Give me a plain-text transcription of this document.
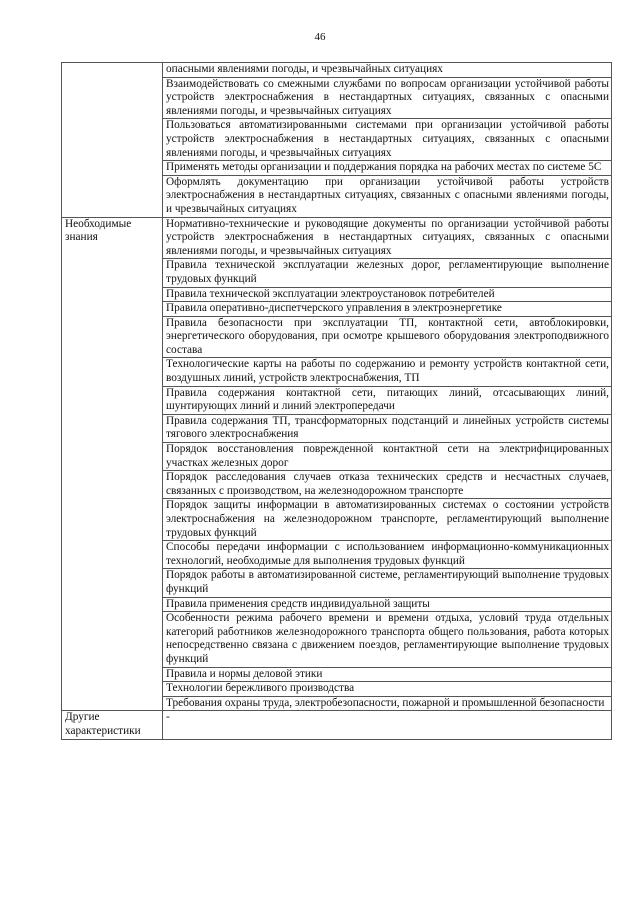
46
	опасными явлениями погоды, и чрезвычайных ситуациях
	Взаимодействовать со смежными службами по вопросам организации устойчивой работы устройств электроснабжения в нестандартных ситуациях, связанных с опасными явлениями погоды, и чрезвычайных ситуациях
	Пользоваться автоматизированными системами при организации устойчивой работы устройств электроснабжения в нестандартных ситуациях, связанных с опасными явлениями погоды, и чрезвычайных ситуациях
	Применять методы организации и поддержания порядка на рабочих местах по системе 5С
	Оформлять документацию при организации устойчивой работы устройств электроснабжения в нестандартных ситуациях, связанных с опасными явлениями погоды, и чрезвычайных ситуациях
Необходимые знания	Нормативно-технические и руководящие документы по организации устойчивой работы устройств электроснабжения в нестандартных ситуациях, связанных с опасными явлениями погоды, и чрезвычайных ситуациях
	Правила технической эксплуатации железных дорог, регламентирующие выполнение трудовых функций
	Правила технической эксплуатации электроустановок потребителей
	Правила оперативно-диспетчерского управления в электроэнергетике
	Правила безопасности при эксплуатации ТП, контактной сети, автоблокировки, энергетического оборудования, при осмотре крышевого оборудования электроподвижного состава
	Технологические карты на работы по содержанию и ремонту устройств контактной сети, воздушных линий, устройств электроснабжения, ТП
	Правила содержания контактной сети, питающих линий, отсасывающих линий, шунтирующих линий и линий электропередачи
	Правила содержания ТП, трансформаторных подстанций и линейных устройств системы тягового электроснабжения
	Порядок восстановления поврежденной контактной сети на электрифицированных участках железных дорог
	Порядок расследования случаев отказа технических средств и несчастных случаев, связанных с производством, на железнодорожном транспорте
	Порядок защиты информации в автоматизированных системах о состоянии устройств электроснабжения на железнодорожном транспорте, регламентирующий выполнение трудовых функций
	Способы передачи информации с использованием информационно-коммуникационных технологий, необходимые для выполнения трудовых функций
	Порядок работы в автоматизированной системе, регламентирующий выполнение трудовых функций
	Правила применения средств индивидуальной защиты
	Особенности режима рабочего времени и времени отдыха, условий труда отдельных категорий работников железнодорожного транспорта общего пользования, работа которых непосредственно связана с движением поездов, регламентирующие выполнение трудовых функций
	Правила и нормы деловой этики
	Технологии бережливого производства
	Требования охраны труда, электробезопасности, пожарной и промышленной безопасности
Другие характеристики	-
